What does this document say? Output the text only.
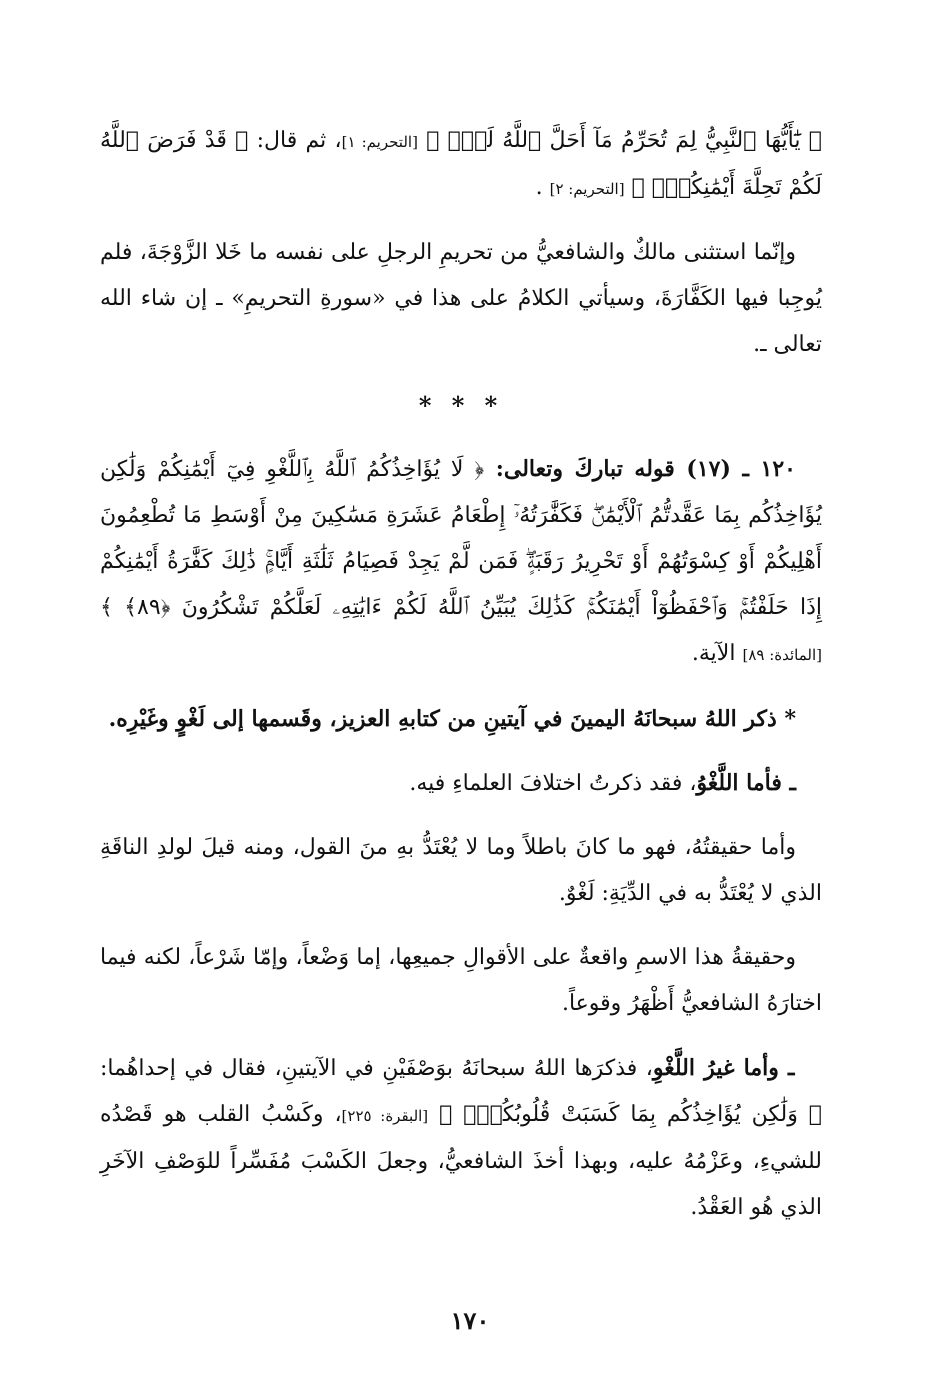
﴿ يَٰٓأَيُّهَا ٱلنَّبِيُّ لِمَ تُحَرِّمُ مَآ أَحَلَّ ٱللَّهُ لَكَۖ ﴾ [التحريم: ١]، ثم قال: ﴿ قَدْ فَرَضَ ٱللَّهُ لَكُمْ تَحِلَّةَ أَيْمَٰنِكُمْۚ ﴾ [التحريم: ٢] .

وإنّما استثنى مالكٌ والشافعيُّ من تحريمِ الرجلِ على نفسه ما خَلا الزَّوْجَةَ، فلم يُوجِبا فيها الكَفَّارَةَ، وسيأتي الكلامُ على هذا في «سورةِ التحريمِ» ـ إن شاء الله تعالى ـ.

* * *

١٢٠ ـ (١٧) قوله تباركَ وتعالى: ﴿ لَا يُؤَاخِذُكُمُ ٱللَّهُ بِٱللَّغْوِ فِيٓ أَيْمَٰنِكُمْ وَلَٰكِن يُؤَاخِذُكُم بِمَا عَقَّدتُّمُ ٱلْأَيْمَٰنَۖ فَكَفَّٰرَتُهُۥٓ إِطْعَامُ عَشَرَةِ مَسَٰكِينَ مِنْ أَوْسَطِ مَا تُطْعِمُونَ أَهْلِيكُمْ أَوْ كِسْوَتُهُمْ أَوْ تَحْرِيرُ رَقَبَةٍۖ فَمَن لَّمْ يَجِدْ فَصِيَامُ ثَلَٰثَةِ أَيَّامٍۚ ذَٰلِكَ كَفَّٰرَةُ أَيْمَٰنِكُمْ إِذَا حَلَفْتُمْۚ وَٱحْفَظُوٓاْ أَيْمَٰنَكُمْۚ كَذَٰلِكَ يُبَيِّنُ ٱللَّهُ لَكُمْ ءَايَٰتِهِۦ لَعَلَّكُمْ تَشْكُرُونَ ﴿٨٩﴾ ﴾ [المائدة: ٨٩] الآية.

* ذكر اللهُ سبحانَهُ اليمينَ في آيتينِ من كتابهِ العزيز، وقَسمها إلى لَغْوٍ وغَيْرِه.

ـ فأما اللَّغْوُ، فقد ذكرتُ اختلافَ العلماءِ فيه.

وأما حقيقتُهُ، فهو ما كانَ باطلاً وما لا يُعْتَدُّ بهِ منَ القول، ومنه قيلَ لولدِ الناقَةِ الذي لا يُعْتَدُّ به في الدِّيَةِ: لَغْوٌ.

وحقيقةُ هذا الاسمِ واقعةٌ على الأقوالِ جميعِها، إما وَضْعاً، وإمّا شَرْعاً، لكنه فيما اختارَهُ الشافعيُّ أَظْهَرُ وقوعاً.

ـ وأما غيرُ اللَّغْوِ، فذكرَها اللهُ سبحانَهُ بوَصْفَيْنِ في الآيتينِ، فقال في إحداهُما: ﴿ وَلَٰكِن يُؤَاخِذُكُم بِمَا كَسَبَتْ قُلُوبُكُمْۗ ﴾ [البقرة: ٢٢٥]، وكَسْبُ القلب هو قَصْدُه للشيءِ، وعَزْمُهُ عليه، وبهذا أخذَ الشافعيُّ، وجعلَ الكَسْبَ مُفَسِّراً للوَصْفِ الآخَرِ الذي هُو العَقْدُ.

١٧٠
